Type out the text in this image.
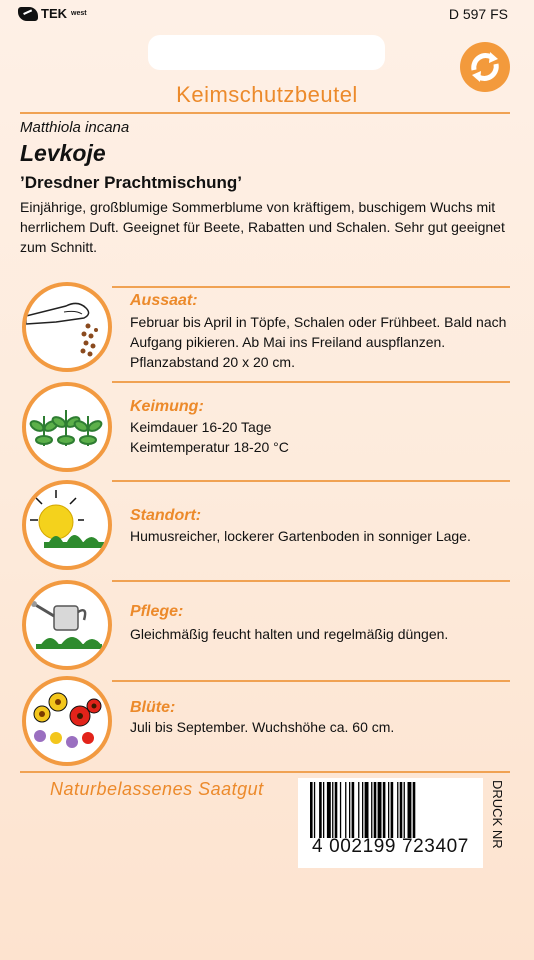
TEK west	D 597 FS
Keimschutzbeutel
Matthiola incana
Levkoje
’Dresdner Prachtmischung’
Einjährige, großblumige Sommerblume von kräftigem, buschigem Wuchs mit herrlichem Duft. Geeignet für Beete, Rabatten und Schalen. Sehr gut geeignet zum Schnitt.
Aussaat:
Februar bis April in Töpfe, Schalen oder Frühbeet. Bald nach Aufgang pikieren. Ab Mai ins Freiland auspflanzen. Pflanzabstand 20 x 20 cm.
Keimung:
Keimdauer 16-20 Tage
Keimtemperatur 18-20 °C
Standort:
Humusreicher, lockerer Gartenboden in sonniger Lage.
Pflege:
Gleichmäßig feucht halten und regelmäßig düngen.
Blüte:
Juli bis September. Wuchshöhe ca. 60 cm.
Naturbelassenes Saatgut
4 002199 723407	DRUCK NR
